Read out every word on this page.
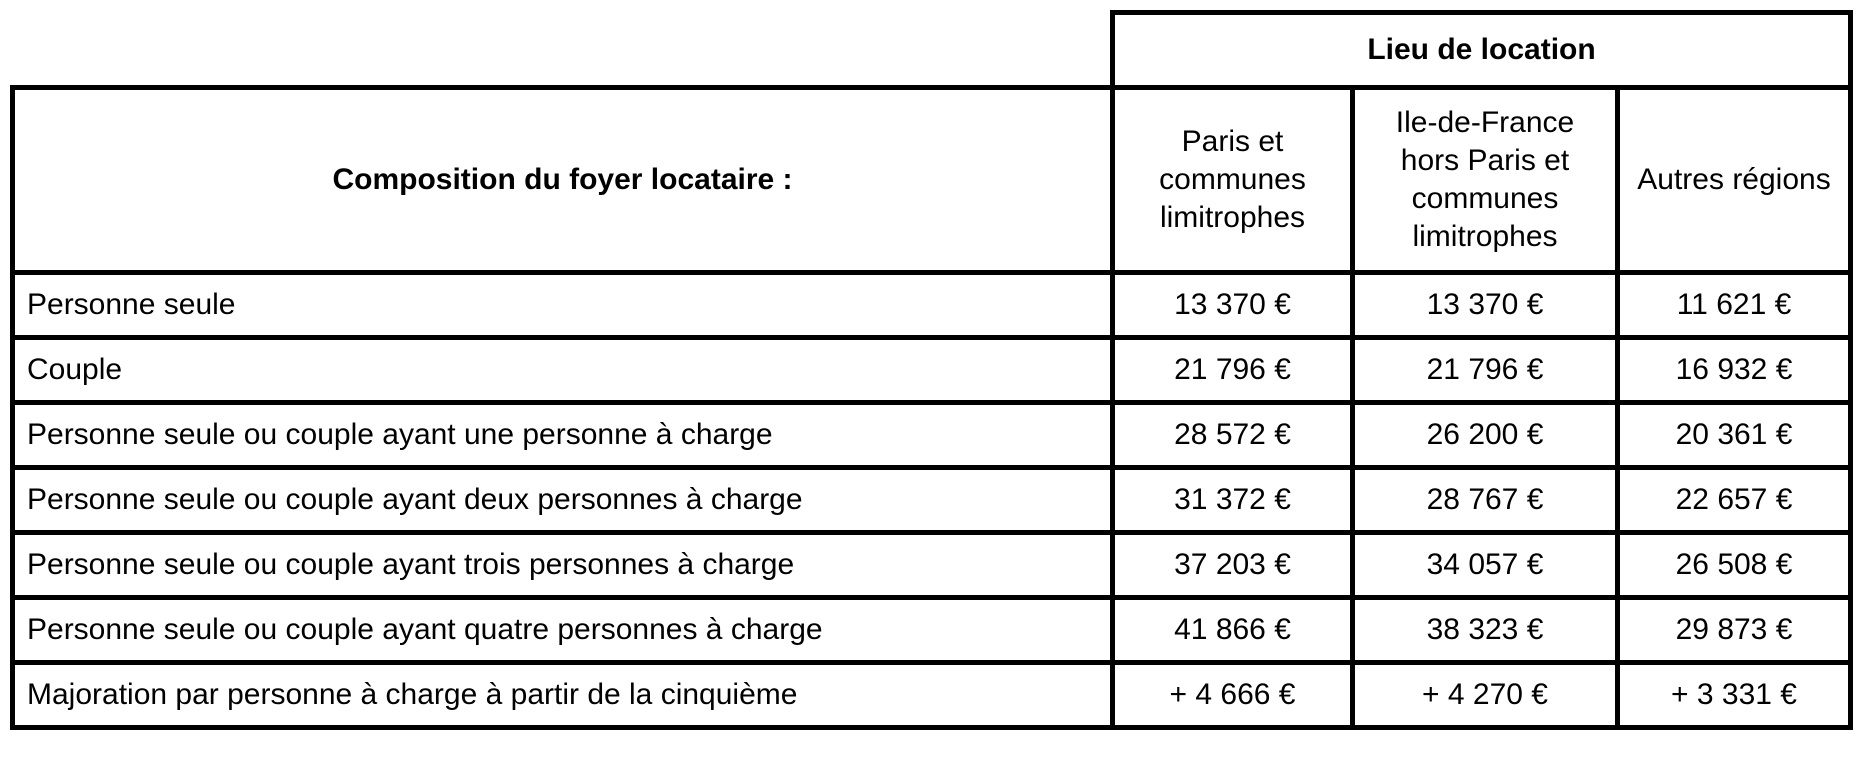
	Lieu de location		
Composition du foyer locataire :	Paris et
communes
limitrophes	Ile-de-France
hors Paris et
communes
limitrophes	Autres régions
Personne seule	13 370 €	13 370 €	11 621 €
Couple	21 796 €	21 796 €	16 932 €
Personne seule ou couple ayant une personne à charge	28 572 €	26 200 €	20 361 €
Personne seule ou couple ayant deux personnes à charge	31 372 €	28 767 €	22 657 €
Personne seule ou couple ayant trois personnes à charge	37 203 €	34 057 €	26 508 €
Personne seule ou couple ayant quatre personnes à charge	41 866 €	38 323 €	29 873 €
Majoration par personne à charge à partir de la cinquième	+ 4 666 €	+ 4 270 €	+ 3 331 €
